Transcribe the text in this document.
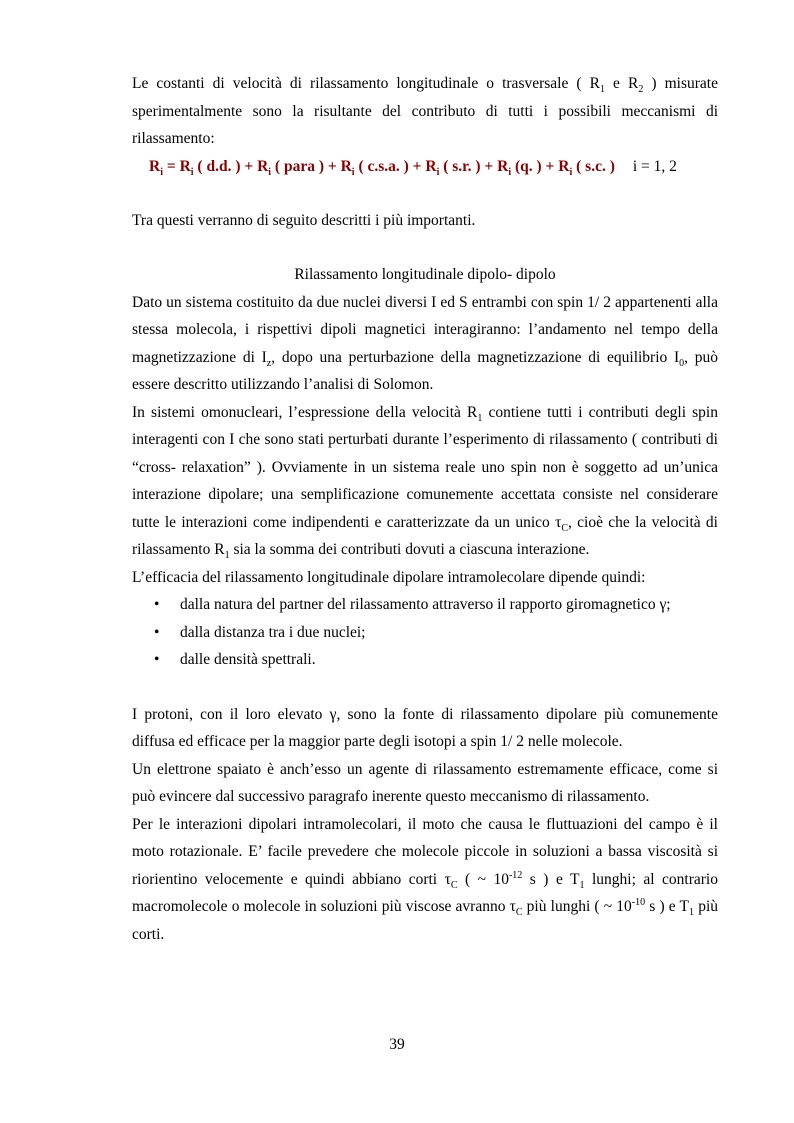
Le costanti di velocità di rilassamento longitudinale o trasversale ( $R_1$ e $R_2$ ) misurate sperimentalmente sono la risultante del contributo di tutti i possibili meccanismi di rilassamento:

$R_i = R_i$ ( d.d. ) + $R_i$ ( para ) + $R_i$ ( c.s.a. ) + $R_i$ ( s.r. ) + $R_i$ (q. ) + $R_i$ ( s.c. ) i = 1, 2

Tra questi verranno di seguito descritti i più importanti.

Rilassamento longitudinale dipolo- dipolo

Dato un sistema costituito da due nuclei diversi I ed S entrambi con spin 1/ 2 appartenenti alla stessa molecola, i rispettivi dipoli magnetici interagiranno: l’andamento nel tempo della magnetizzazione di $I_z$, dopo una perturbazione della magnetizzazione di equilibrio $I_0$, può essere descritto utilizzando l’analisi di Solomon.

In sistemi omonucleari, l’espressione della velocità $R_1$ contiene tutti i contributi degli spin interagenti con I che sono stati perturbati durante l’esperimento di rilassamento ( contributi di “cross- relaxation” ). Ovviamente in un sistema reale uno spin non è soggetto ad un’unica interazione dipolare; una semplificazione comunemente accettata consiste nel considerare tutte le interazioni come indipendenti e caratterizzate da un unico $\tau_C$, cioè che la velocità di rilassamento $R_1$ sia la somma dei contributi dovuti a ciascuna interazione.

L’efficacia del rilassamento longitudinale dipolare intramolecolare dipende quindi:

• dalla natura del partner del rilassamento attraverso il rapporto giromagnetico γ;
• dalla distanza tra i due nuclei;
• dalle densità spettrali.

I protoni, con il loro elevato γ, sono la fonte di rilassamento dipolare più comunemente diffusa ed efficace per la maggior parte degli isotopi a spin 1/ 2 nelle molecole.

Un elettrone spaiato è anch’esso un agente di rilassamento estremamente efficace, come si può evincere dal successivo paragrafo inerente questo meccanismo di rilassamento.

Per le interazioni dipolari intramolecolari, il moto che causa le fluttuazioni del campo è il moto rotazionale. E’ facile prevedere che molecole piccole in soluzioni a bassa viscosità si riorientino velocemente e quindi abbiano corti $\tau_C$ ( ~ $10^{-12}$ s ) e $T_1$ lunghi; al contrario macromolecole o molecole in soluzioni più viscose avranno $\tau_C$ più lunghi ( ~ $10^{-10}$ s ) e $T_1$ più corti.

39
